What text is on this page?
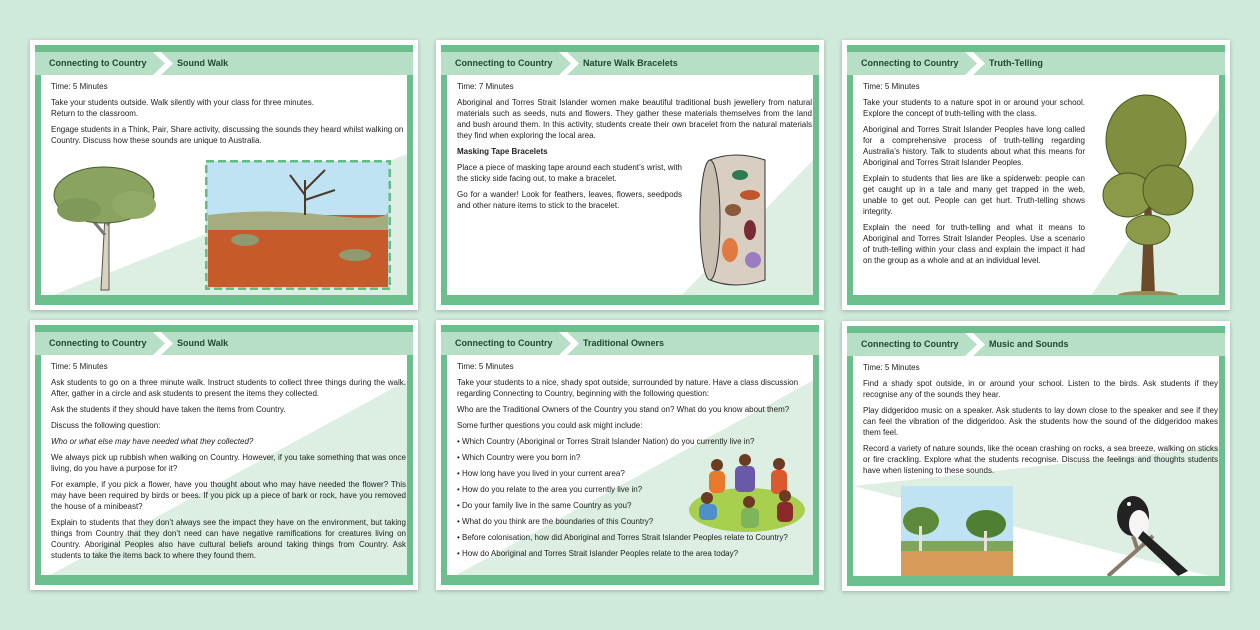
Connecting to Country	Sound Walk

Time: 5 Minutes

Take your students outside. Walk silently with your class for three minutes.
Return to the classroom.

Engage students in a Think, Pair, Share activity, discussing the sounds they heard whilst walking on Country. Discuss how these sounds are unique to Australia.

Connecting to Country	Nature Walk Bracelets

Time: 7 Minutes

Aboriginal and Torres Strait Islander women make beautiful traditional bush jewellery from natural materials such as seeds, nuts and flowers. They gather these materials themselves from the land and bush around them. In this activity, students create their own bracelet from the natural materials they find when exploring the local area.

Masking Tape Bracelets

Place a piece of masking tape around each student’s wrist, with the sticky side facing out, to make a bracelet.

Go for a wander! Look for feathers, leaves, flowers, seedpods and other nature items to stick to the bracelet.

Connecting to Country	Truth-Telling

Time: 5 Minutes

Take your students to a nature spot in or around your school. Explore the concept of truth-telling with the class.

Aboriginal and Torres Strait Islander Peoples have long called for a comprehensive process of truth-telling regarding Australia’s history. Talk to students about what this means for Aboriginal and Torres Strait Islander Peoples.

Explain to students that lies are like a spiderweb: people can get caught up in a tale and many get trapped in the web, unable to get out. People can get hurt. Truth-telling shows integrity.

Explain the need for truth-telling and what it means to Aboriginal and Torres Strait Islander Peoples. Use a scenario of truth-telling within your class and explain the impact it had on the group as a whole and at an individual level.

Connecting to Country	Sound Walk

Time: 5 Minutes

Ask students to go on a three minute walk. Instruct students to collect three things during the walk. After, gather in a circle and ask students to present the items they collected.

Ask the students if they should have taken the items from Country.

Discuss the following question:

Who or what else may have needed what they collected?

We always pick up rubbish when walking on Country. However, if you take something that was once living, do you have a purpose for it?

For example, if you pick a flower, have you thought about who may have needed the flower? This may have been required by birds or bees. If you pick up a piece of bark or rock, have you removed the house of a minibeast?

Explain to students that they don’t always see the impact they have on the environment, but taking things from Country that they don’t need can have negative ramifications for creatures living on Country. Aboriginal Peoples also have cultural beliefs around taking things from Country. Ask students to take the items back to where they found them.

Connecting to Country	Traditional Owners

Time: 5 Minutes

Take your students to a nice, shady spot outside, surrounded by nature. Have a class discussion regarding Connecting to Country, beginning with the following question:

Who are the Traditional Owners of the Country you stand on? What do you know about them?

Some further questions you could ask might include:

• Which Country (Aboriginal or Torres Strait Islander Nation) do you currently live in?

• Which Country were you born in?

• How long have you lived in your current area?

• How do you relate to the area you currently live in?

• Do your family live in the same Country as you?

• What do you think are the boundaries of this Country?

• Before colonisation, how did Aboriginal and Torres Strait Islander Peoples relate to Country?

• How do Aboriginal and Torres Strait Islander Peoples relate to the area today?

Connecting to Country	Music and Sounds

Time: 5 Minutes

Find a shady spot outside, in or around your school. Listen to the birds. Ask students if they recognise any of the sounds they hear.

Play didgeridoo music on a speaker. Ask students to lay down close to the speaker and see if they can feel the vibration of the didgeridoo. Ask the students how the sound of the didgeridoo makes them feel.

Record a variety of nature sounds, like the ocean crashing on rocks, a sea breeze, walking on sticks or fire crackling. Explore what the students recognise. Discuss the feelings and thoughts students have when listening to these sounds.
